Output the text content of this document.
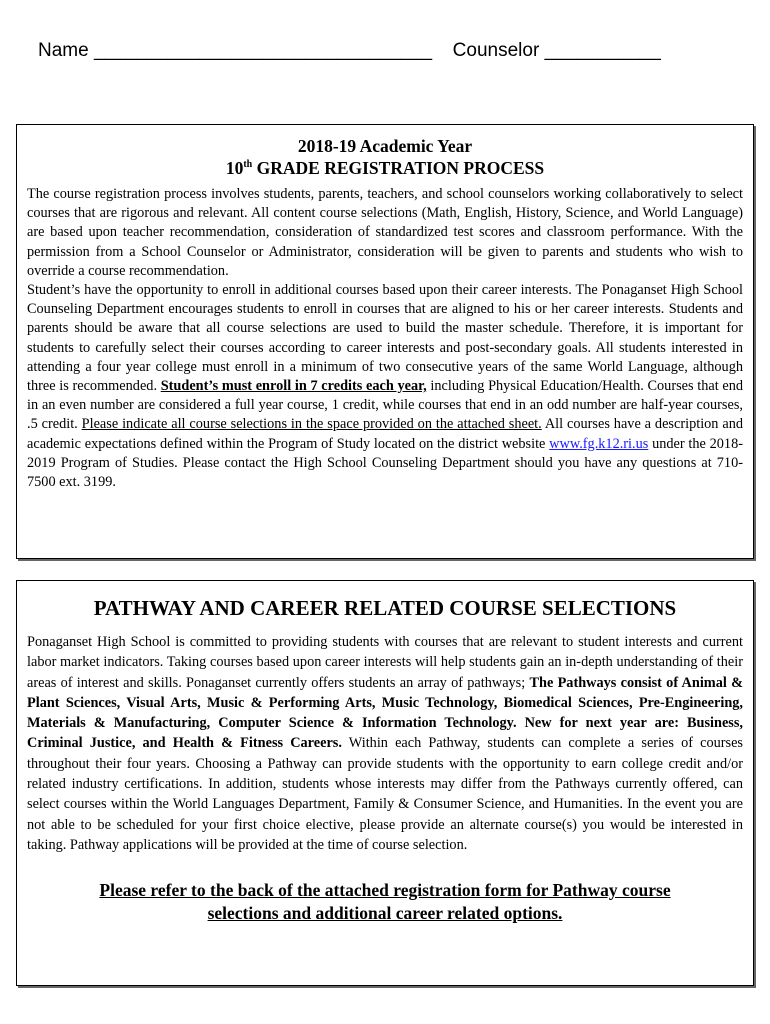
Name ________________________________ Counselor ___________
2018-19 Academic Year
10th GRADE REGISTRATION PROCESS

The course registration process involves students, parents, teachers, and school counselors working collaboratively to select courses that are rigorous and relevant. All content course selections (Math, English, History, Science, and World Language) are based upon teacher recommendation, consideration of standardized test scores and classroom performance. With the permission from a School Counselor or Administrator, consideration will be given to parents and students who wish to override a course recommendation.

Student’s have the opportunity to enroll in additional courses based upon their career interests. The Ponaganset High School Counseling Department encourages students to enroll in courses that are aligned to his or her career interests. Students and parents should be aware that all course selections are used to build the master schedule. Therefore, it is important for students to carefully select their courses according to career interests and post-secondary goals. All students interested in attending a four year college must enroll in a minimum of two consecutive years of the same World Language, although three is recommended. Student’s must enroll in 7 credits each year, including Physical Education/Health. Courses that end in an even number are considered a full year course, 1 credit, while courses that end in an odd number are half-year courses, .5 credit. Please indicate all course selections in the space provided on the attached sheet. All courses have a description and academic expectations defined within the Program of Study located on the district website www.fg.k12.ri.us under the 2018-2019 Program of Studies. Please contact the High School Counseling Department should you have any questions at 710-7500 ext. 3199.

PATHWAY AND CAREER RELATED COURSE SELECTIONS

Ponaganset High School is committed to providing students with courses that are relevant to student interests and current labor market indicators. Taking courses based upon career interests will help students gain an in-depth understanding of their areas of interest and skills. Ponaganset currently offers students an array of pathways; The Pathways consist of Animal & Plant Sciences, Visual Arts, Music & Performing Arts, Music Technology, Biomedical Sciences, Pre-Engineering, Materials & Manufacturing, Computer Science & Information Technology. New for next year are: Business, Criminal Justice, and Health & Fitness Careers. Within each Pathway, students can complete a series of courses throughout their four years. Choosing a Pathway can provide students with the opportunity to earn college credit and/or related industry certifications. In addition, students whose interests may differ from the Pathways currently offered, can select courses within the World Languages Department, Family & Consumer Science, and Humanities. In the event you are not able to be scheduled for your first choice elective, please provide an alternate course(s) you would be interested in taking. Pathway applications will be provided at the time of course selection.

Please refer to the back of the attached registration form for Pathway course
selections and additional career related options.
